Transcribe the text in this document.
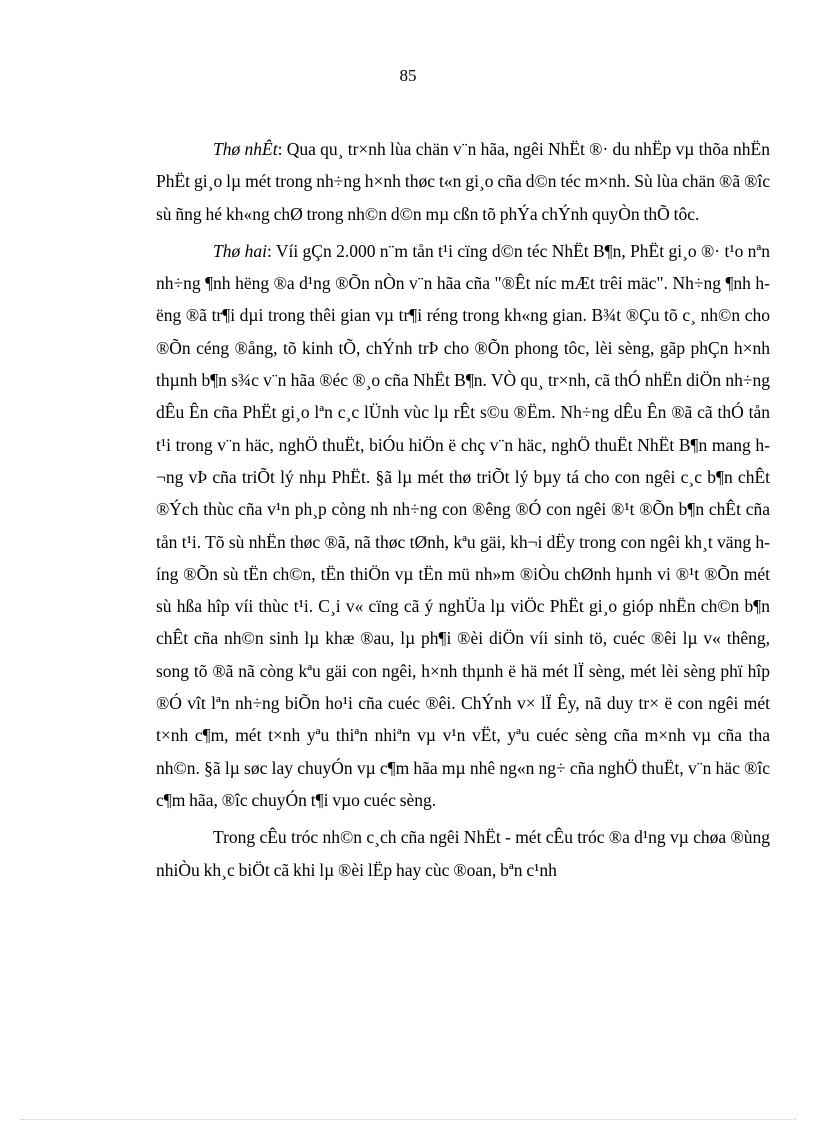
85

Thø nhÊt: Qua qu¸ tr×nh lùa chän v¨n hãa, ngêi NhËt ®· du nhËp vµ thõa nhËn PhËt gi¸o lµ mét trong nh÷ng h×nh thøc t«n gi¸o cña d©n téc m×nh. Sù lùa chän ®ã ®îc sù ñng hé kh«ng chØ trong nh©n d©n mµ cßn tõ phÝa chÝnh quyÒn thÕ tôc.

Thø hai: Víi gÇn 2.000 n¨m tån t¹i cïng d©n téc NhËt B¶n, PhËt gi¸o ®· t¹o nªn nh÷ng ¶nh hëng ®a d¹ng ®Õn nÒn v¨n hãa cña "®Êt níc mÆt trêi mäc". Nh÷ng ¶nh hëng ®ã tr¶i dµi trong thêi gian vµ tr¶i réng trong kh«ng gian. B¾t ®Çu tõ c¸ nh©n cho ®Õn céng ®ång, tõ kinh tÕ, chÝnh trÞ cho ®Õn phong tôc, lèi sèng, gãp phÇn h×nh thµnh b¶n s¾c v¨n hãa ®éc ®¸o cña NhËt B¶n. VÒ qu¸ tr×nh, cã thÓ nhËn diÖn nh÷ng dÊu Ên cña PhËt gi¸o lªn c¸c lÜnh vùc lµ rÊt s©u ®Ëm. Nh÷ng dÊu Ên ®ã cã thÓ tån t¹i trong v¨n häc, nghÖ thuËt, biÓu hiÖn ë chç v¨n häc, nghÖ thuËt NhËt B¶n mang h¬ng vÞ cña triÕt lý nhµ PhËt. §ã lµ mét thø triÕt lý bµy tá cho con ngêi c¸c b¶n chÊt ®Ých thùc cña v¹n ph¸p còng nh nh÷ng con ®êng ®Ó con ngêi ®¹t ®Õn b¶n chÊt cña tån t¹i. Tõ sù nhËn thøc ®ã, nã thøc tØnh, kªu gäi, kh¬i dËy trong con ngêi kh¸t väng híng ®Õn sù tËn ch©n, tËn thiÖn vµ tËn mü nh»m ®iÒu chØnh hµnh vi ®¹t ®Õn mét sù hßa hîp víi thùc t¹i. C¸i v« cïng cã ý nghÜa lµ viÖc PhËt gi¸o gióp nhËn ch©n b¶n chÊt cña nh©n sinh lµ khæ ®au, lµ ph¶i ®èi diÖn víi sinh tö, cuéc ®êi lµ v« thêng, song tõ ®ã nã còng kªu gäi con ngêi, h×nh thµnh ë hä mét lÏ sèng, mét lèi sèng phï hîp ®Ó vît lªn nh÷ng biÕn ho¹i cña cuéc ®êi. ChÝnh v× lÏ Êy, nã duy tr× ë con ngêi mét t×nh c¶m, mét t×nh yªu thiªn nhiªn vµ v¹n vËt, yªu cuéc sèng cña m×nh vµ cña tha nh©n. §ã lµ søc lay chuyÓn vµ c¶m hãa mµ nhê ng«n ng÷ cña nghÖ thuËt, v¨n häc ®îc c¶m hãa, ®îc chuyÓn t¶i vµo cuéc sèng.

Trong cÊu tróc nh©n c¸ch cña ngêi NhËt - mét cÊu tróc ®a d¹ng vµ chøa ®ùng nhiÒu kh¸c biÖt cã khi lµ ®èi lËp hay cùc ®oan, bªn c¹nh
